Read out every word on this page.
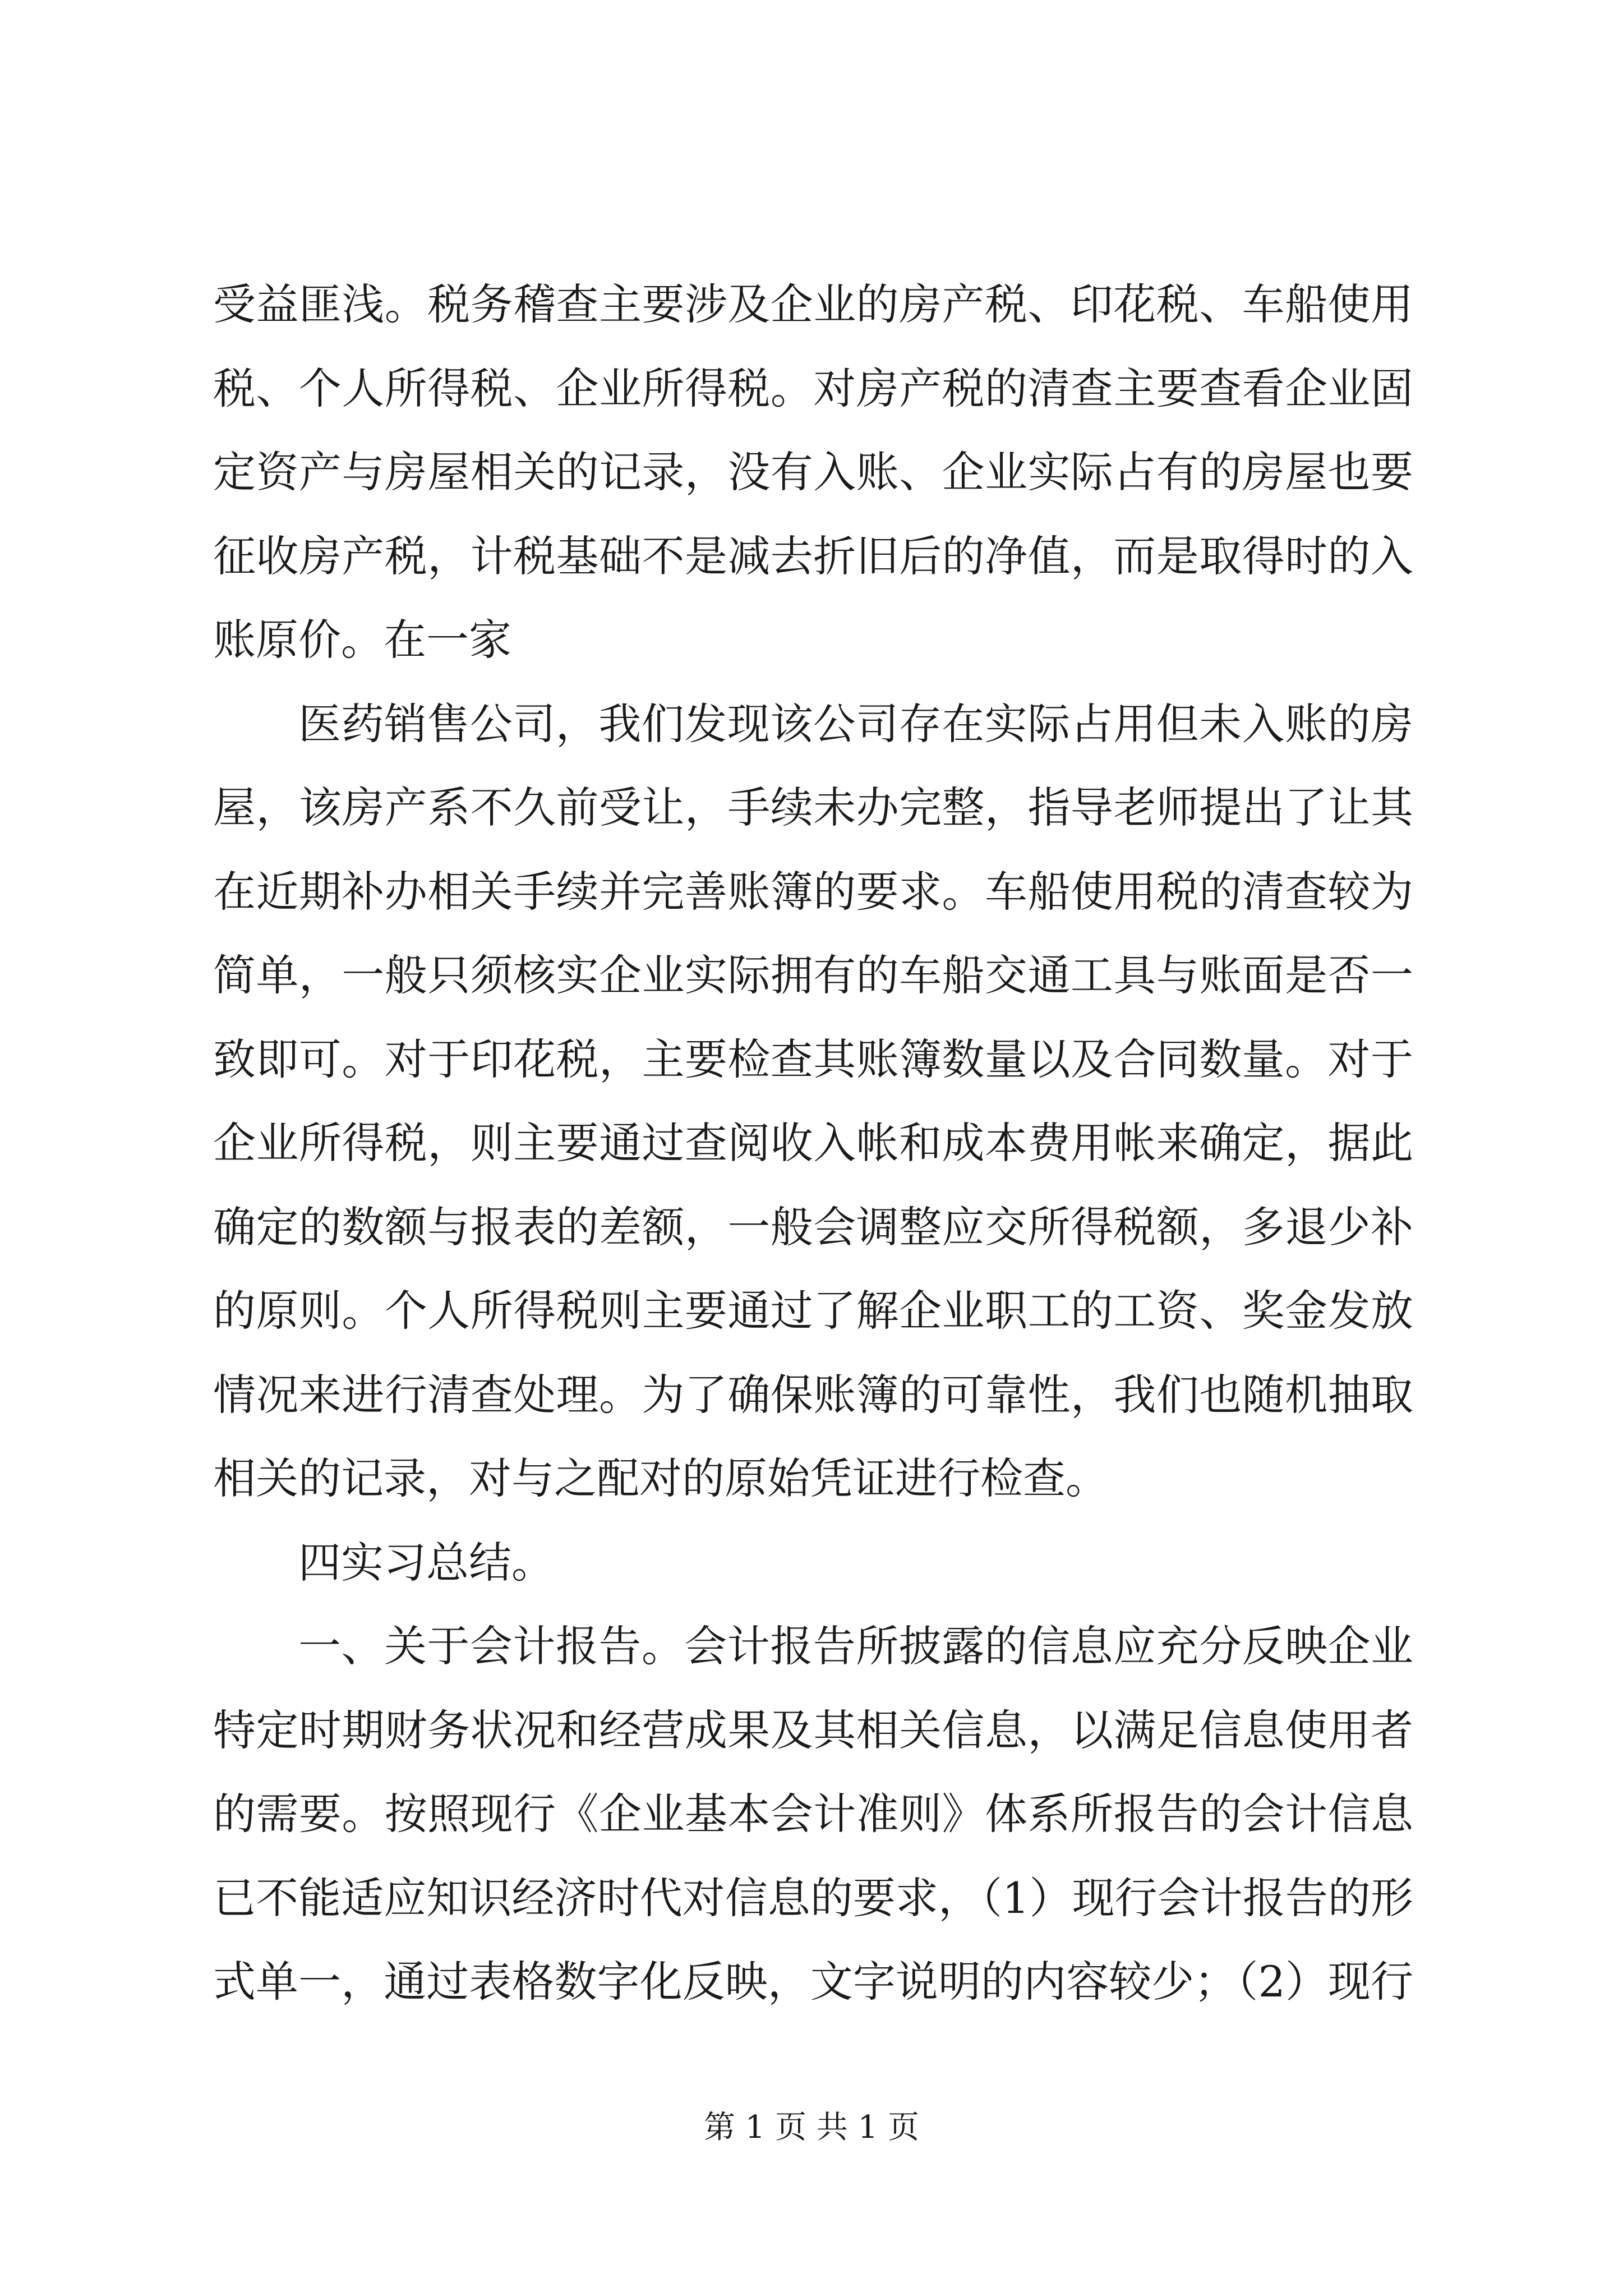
第 1 页 共 1 页
受益匪浅。税务稽查主要涉及企业的房产税、印花税、车船使用
税、个人所得税、企业所得税。对房产税的清查主要查看企业固
定资产与房屋相关的记录，没有入账、企业实际占有的房屋也要
征收房产税，计税基础不是减去折旧后的净值，而是取得时的入
账原价。在一家
医药销售公司，我们发现该公司存在实际占用但未入账的房
屋，该房产系不久前受让，手续未办完整，指导老师提出了让其
在近期补办相关手续并完善账簿的要求。车船使用税的清查较为
简单，一般只须核实企业实际拥有的车船交通工具与账面是否一
致即可。对于印花税，主要检查其账簿数量以及合同数量。对于
企业所得税，则主要通过查阅收入帐和成本费用帐来确定，据此
确定的数额与报表的差额，一般会调整应交所得税额，多退少补
的原则。个人所得税则主要通过了解企业职工的工资、奖金发放
情况来进行清查处理。为了确保账簿的可靠性，我们也随机抽取
相关的记录，对与之配对的原始凭证进行检查。
四实习总结。
一、关于会计报告。会计报告所披露的信息应充分反映企业
特定时期财务状况和经营成果及其相关信息，以满足信息使用者
的需要。按照现行《企业基本会计准则》体系所报告的会计信息
已不能适应知识经济时代对信息的要求，（1）现行会计报告的形
式单一，通过表格数字化反映，文字说明的内容较少；（2）现行
